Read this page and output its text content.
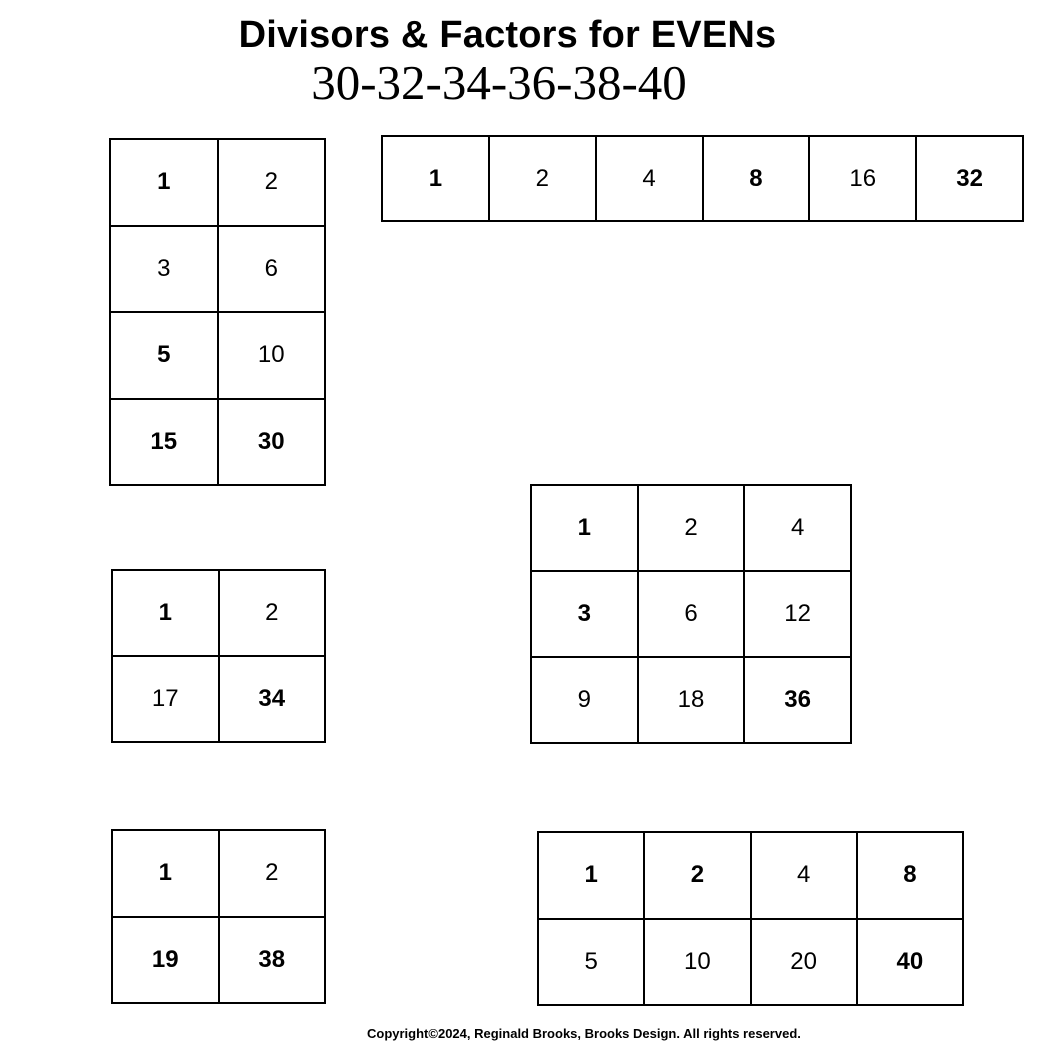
Divisors & Factors for EVENs
30-32-34-36-38-40
1	2
3	6
5	10
15	30
1	2	4	8	16	32
1	2
17	34
1	2	4
3	6	12
9	18	36
1	2
19	38
1	2	4	8
5	10	20	40
Copyright©2024, Reginald Brooks, Brooks Design. All rights reserved.
